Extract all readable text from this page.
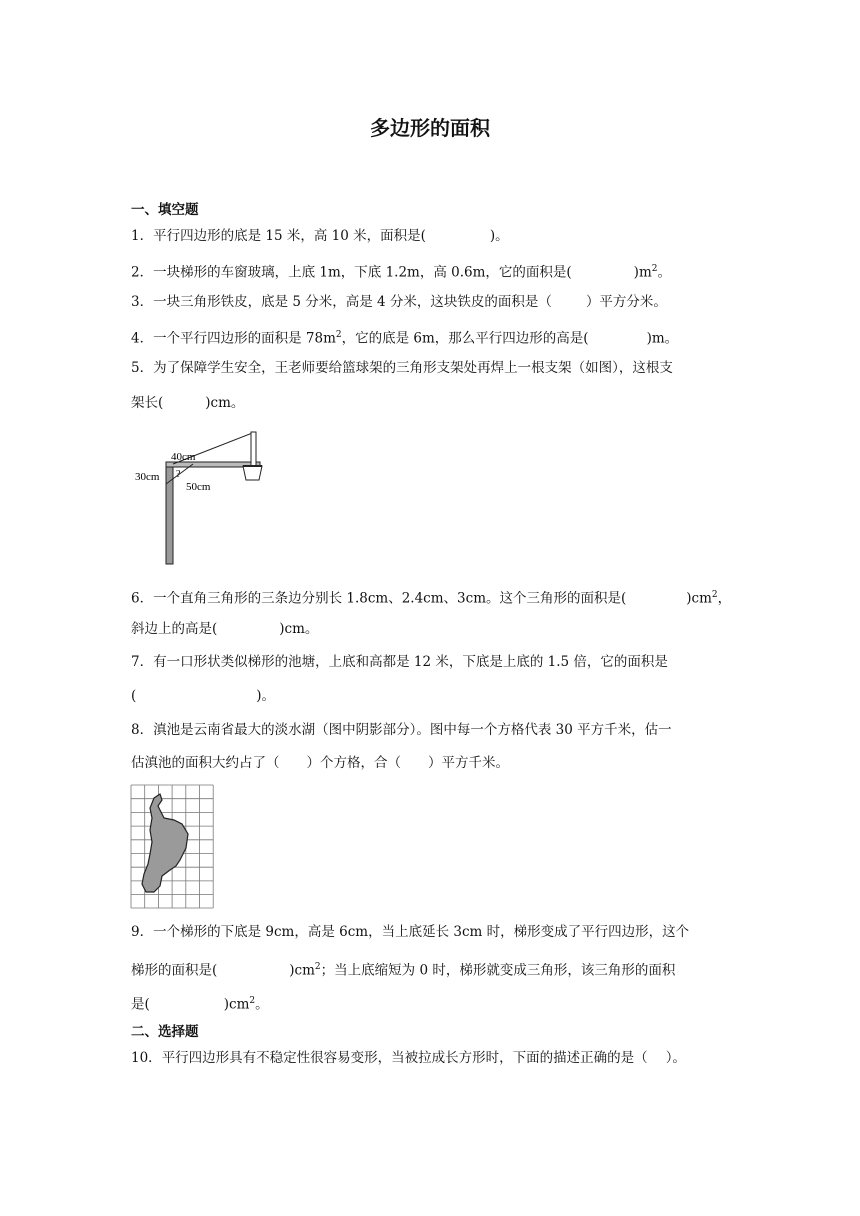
多边形的面积
一、填空题
1．平行四边形的底是 15 米，高 10 米，面积是(	)。
2．一块梯形的车窗玻璃，上底 1m，下底 1.2m，高 0.6m，它的面积是(	)$m^2$。
3．一块三角形铁皮，底是 5 分米，高是 4 分米，这块铁皮的面积是（	）平方分米。
4．一个平行四边形的面积是 $78m^2$，它的底是 6m，那么平行四边形的高是(	)m。
5．为了保障学生安全，王老师要给篮球架的三角形支架处再焊上一根支架（如图），这根支
架长(	)cm。
40cm
30cm
50cm
?
6．一个直角三角形的三条边分别长 1.8cm、2.4cm、3cm。这个三角形的面积是(	)$cm^2$，
斜边上的高是(	)cm。
7．有一口形状类似梯形的池塘，上底和高都是 12 米，下底是上底的 1.5 倍，它的面积是
(	)。
8．滇池是云南省最大的淡水湖（图中阴影部分）。图中每一个方格代表 30 平方千米，估一
估滇池的面积大约占了（　　）个方格，合（　　）平方千米。
9．一个梯形的下底是 9cm，高是 6cm，当上底延长 3cm 时，梯形变成了平行四边形，这个
梯形的面积是(	)$cm^2$；当上底缩短为 0 时，梯形就变成三角形，该三角形的面积
是(	)$cm^2$。
二、选择题
10．平行四边形具有不稳定性很容易变形，当被拉成长方形时，下面的描述正确的是（ ）。
